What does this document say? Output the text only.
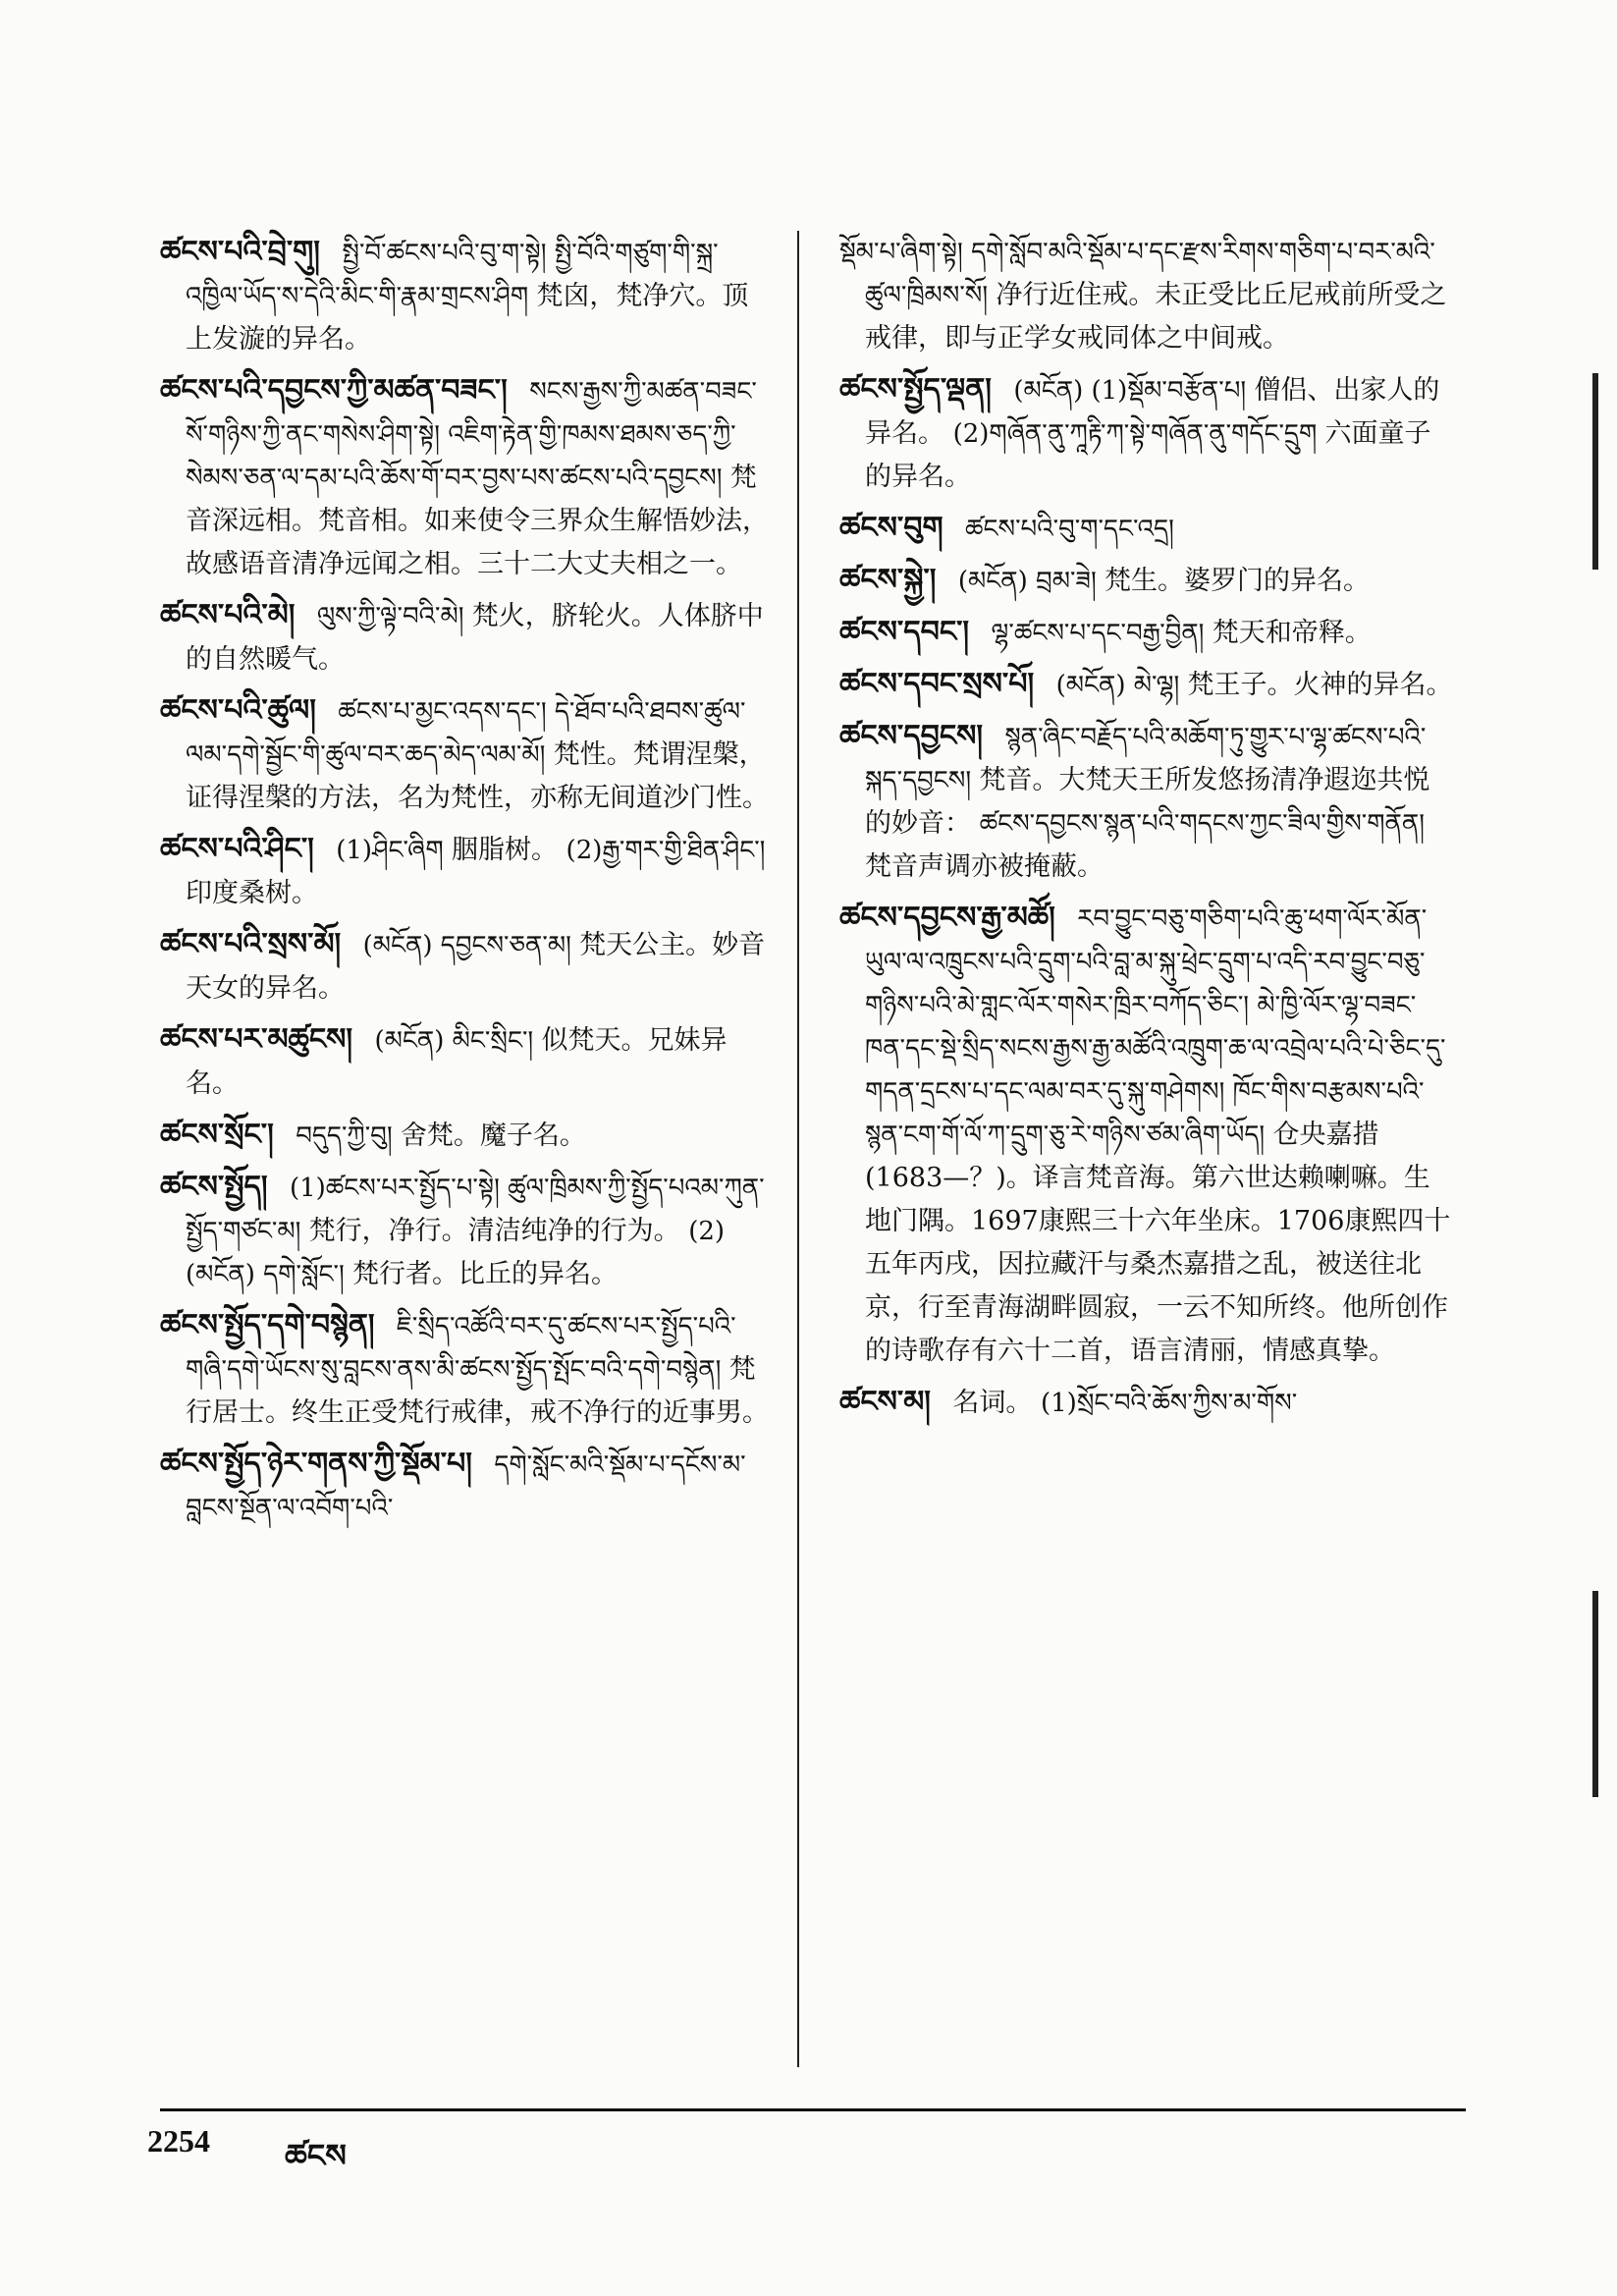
ཚངས་པའི་བྲེ་གུ། སྤྱི་བོ་ཚངས་པའི་བུ་ག་སྟེ། སྤྱི་བོའི་གཙུག་གི་སྐྲ་འཁྱིལ་ཡོད་ས་དེའི་མིང་གི་རྣམ་གྲངས་ཤིག 梵囟，梵净穴。顶上发漩的异名。
ཚངས་པའི་དབྱངས་ཀྱི་མཚན་བཟང་། སངས་རྒྱས་ཀྱི་མཚན་བཟང་སོ་གཉིས་ཀྱི་ནང་གསེས་ཤིག་སྟེ། འཇིག་རྟེན་གྱི་ཁམས་ཐམས་ཅད་ཀྱི་སེམས་ཅན་ལ་དམ་པའི་ཆོས་གོ་བར་བྱས་པས་ཚངས་པའི་དབྱངས། 梵音深远相。梵音相。如来使令三界众生解悟妙法，故感语音清净远闻之相。三十二大丈夫相之一。
ཚངས་པའི་མེ། ལུས་ཀྱི་ལྟེ་བའི་མེ། 梵火，脐轮火。人体脐中的自然暖气。
ཚངས་པའི་ཚུལ། ཚངས་པ་མྱང་འདས་དང་། དེ་ཐོབ་པའི་ཐབས་ཚུལ་ལམ་དགེ་སྦྱོང་གི་ཚུལ་བར་ཆད་མེད་ལམ་མོ། 梵性。梵谓涅槃，证得涅槃的方法，名为梵性，亦称无间道沙门性。
ཚངས་པའི་ཤིང་། (1)ཤིང་ཞིག 胭脂树。 (2)རྒྱ་གར་གྱི་ཐིན་ཤིང་། 印度桑树。
ཚངས་པའི་སྲས་མོ། (མངོན) དབྱངས་ཅན་མ། 梵天公主。妙音天女的异名。
ཚངས་པར་མཚུངས། (མངོན) མིང་སྲིང་། 似梵天。兄妹异名。
ཚངས་སྲོང་། བདུད་ཀྱི་བུ། 舍梵。魔子名。
ཚངས་སྤྱོད། (1)ཚངས་པར་སྤྱོད་པ་སྟེ། ཚུལ་ཁྲིམས་ཀྱི་སྤྱོད་པའམ་ཀུན་སྤྱོད་གཙང་མ། 梵行，净行。清洁纯净的行为。 (2)(མངོན) དགེ་སློང་། 梵行者。比丘的异名。
ཚངས་སྤྱོད་དགེ་བསྙེན། ཇི་སྲིད་འཚོའི་བར་དུ་ཚངས་པར་སྤྱོད་པའི་གཞི་དགེ་ཡོངས་སུ་བླངས་ནས་མི་ཚངས་སྤྱོད་སྤོང་བའི་དགེ་བསྙེན། 梵行居士。终生正受梵行戒律，戒不净行的近事男。
ཚངས་སྤྱོད་ཉེར་གནས་ཀྱི་སྡོམ་པ། དགེ་སློང་མའི་སྡོམ་པ་དངོས་མ་བླངས་སྔོན་ལ་འབོག་པའི་
སྡོམ་པ་ཞིག་སྟེ། དགེ་སློབ་མའི་སྡོམ་པ་དང་རྫས་རིགས་གཅིག་པ་བར་མའི་ཚུལ་ཁྲིམས་སོ། 净行近住戒。未正受比丘尼戒前所受之戒律，即与正学女戒同体之中间戒。
ཚངས་སྤྱོད་ལྡན། (མངོན) (1)སྡོམ་བརྩོན་པ། 僧侣、出家人的异名。 (2)གཞོན་ནུ་ཀཱརྟི་ཀ་སྟེ་གཞོན་ནུ་གདོང་དྲུག 六面童子的异名。
ཚངས་བུག ཚངས་པའི་བུ་ག་དང་འདྲ།
ཚངས་སྐྱེ་། (མངོན) བྲམ་ཟེ། 梵生。婆罗门的异名。
ཚངས་དབང་། ལྷ་ཚངས་པ་དང་བརྒྱ་བྱིན། 梵天和帝释。
ཚངས་དབང་སྲས་པོ། (མངོན) མེ་ལྷ། 梵王子。火神的异名。
ཚངས་དབྱངས། སྙན་ཞིང་བརྗོད་པའི་མཆོག་ཏུ་གྱུར་པ་ལྷ་ཚངས་པའི་སྐད་དབྱངས། 梵音。大梵天王所发悠扬清净遐迩共悦的妙音： ཚངས་དབྱངས་སྙན་པའི་གདངས་ཀྱང་ཟིལ་གྱིས་གནོན། 梵音声调亦被掩蔽。
ཚངས་དབྱངས་རྒྱ་མཚོ། རབ་བྱུང་བཅུ་གཅིག་པའི་ཆུ་ཕག་ལོར་མོན་ཡུལ་ལ་འཁྲུངས་པའི་དྲུག་པའི་བླ་མ་སྐུ་ཕྲེང་དྲུག་པ་འདི་རབ་བྱུང་བཅུ་གཉིས་པའི་མེ་གླང་ལོར་གསེར་ཁྲིར་བཀོད་ཅིང་། མེ་ཁྱི་ལོར་ལྷ་བཟང་ཁན་དང་སྡེ་སྲིད་སངས་རྒྱས་རྒྱ་མཚོའི་འཁྲུག་ཆ་ལ་འབྲེལ་པའི་པེ་ཅིང་དུ་གདན་དྲངས་པ་དང་ལམ་བར་དུ་སྐུ་གཤེགས། ཁོང་གིས་བརྩམས་པའི་སྙན་ངག་གོ་ལོ་ཀ་དྲུག་ཅུ་རེ་གཉིས་ཙམ་ཞིག་ཡོད། 仓央嘉措(1683—？)。译言梵音海。第六世达赖喇嘛。生地门隅。1697康熙三十六年坐床。1706康熙四十五年丙戌，因拉藏汗与桑杰嘉措之乱，被送往北京，行至青海湖畔圆寂，一云不知所终。他所创作的诗歌存有六十二首，语言清丽，情感真挚。
ཚངས་མ། 名词。 (1)སྲོང་བའི་ཆོས་ཀྱིས་མ་གོས་
2254 ཚངས
